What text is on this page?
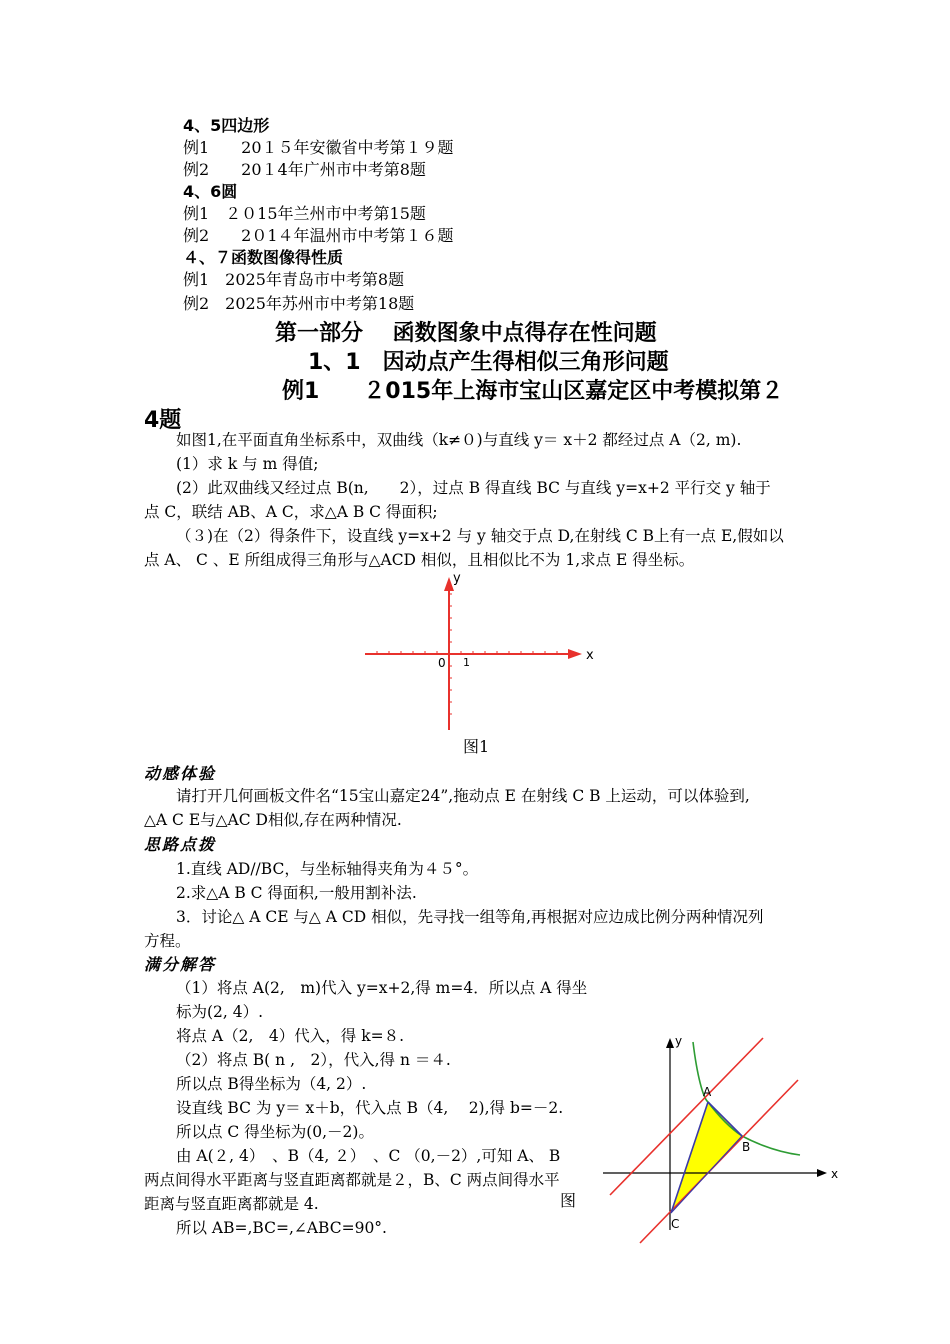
4、5四边形
例1　　20１５年安徽省中考第１９题
例2　　20１4年广州市中考第8题
4、6圆
例1　２０15年兰州市中考第15题
例2　　2０1４年温州市中考第１６题
４、７函数图像得性质
例1　2025年青岛市中考第8题
例2　2025年苏州市中考第18题
第一部分　 函数图象中点得存在性问题
1、1　因动点产生得相似三角形问题
例1　　２015年上海市宝山区嘉定区中考模拟第２
4题

如图1,在平面直角坐标系中，双曲线（k≠０)与直线 y＝ x＋2 都经过点 A（2, m).

(1）求 k 与 m 得值;

(2）此双曲线又经过点 B(n,　　2），过点 B 得直线 BC 与直线 y=x+2 平行交 y 轴于

点 C，联结 AB、A C，求△A B C 得面积;

（３)在（2）得条件下，设直线 y=x+2 与 y 轴交于点 D,在射线 C B上有一点 E,假如以

点 A、 C 、E 所组成得三角形与△ACD 相似，且相似比不为 1,求点 E 得坐标。

x
y
0 1
图1
动感体验

请打开几何画板文件名“15宝山嘉定24”,拖动点 E 在射线 C B 上运动，可以体验到,

△A C E与△AC D相似,存在两种情况.

思路点拨

1.直线 AD//BC，与坐标轴得夹角为４５°。

2.求△A B C 得面积,一般用割补法.

3．讨论△ A CE 与△ A CD 相似，先寻找一组等角,再根据对应边成比例分两种情况列

方程。

满分解答

（1）将点 A(2,　m)代入 y=x+2,得 m=4．所以点 A 得坐标为(2, 4）.

将点 A（2,　4）代入，得 k=８.

（2）将点 B( n ,　2），代入,得 n ＝４.

所以点 B得坐标为（4, 2）.

设直线 BC 为 y＝ x＋b，代入点 B（4,　 2),得 b=－2.

所以点 C 得坐标为(0,－2)。

由 A(２, 4）　、B（4, ２）　、C （0,－2）,可知 A、 B

两点间得水平距离与竖直距离都就是２，B、C 两点间得水平

距离与竖直距离都就是 4.

所以 AB=,BC=,∠ABC=90°.

图
x
y
A
B
C
